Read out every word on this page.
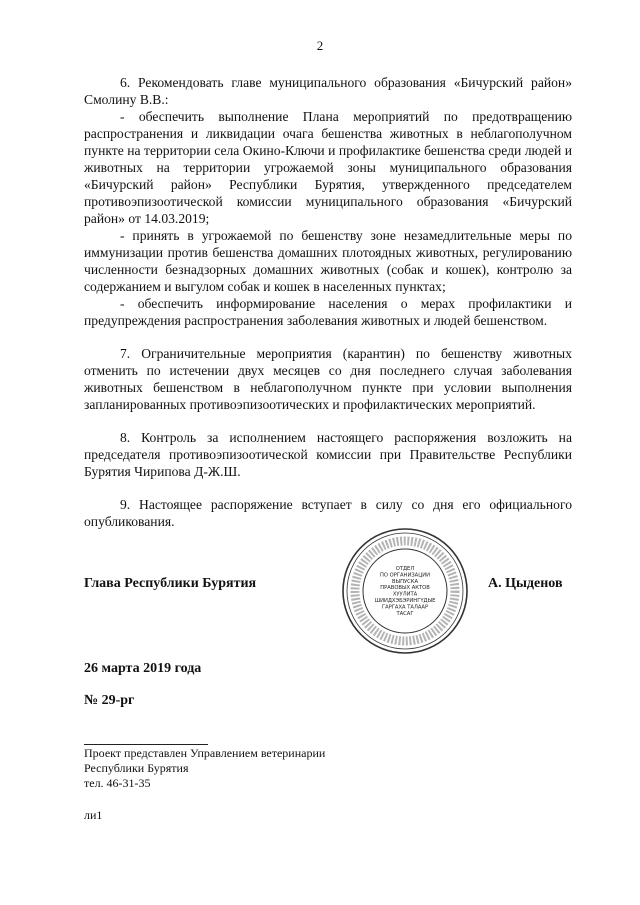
2

6. Рекомендовать главе муниципального образования «Бичурский район» Смолину В.В.:

- обеспечить выполнение Плана мероприятий по предотвращению распространения и ликвидации очага бешенства животных в неблагополучном пункте на территории села Окино-Ключи и профилактике бешенства среди людей и животных на территории угрожаемой зоны муниципального образования «Бичурский район» Республики Бурятия, утвержденного председателем противоэпизоотической комиссии муниципального образования «Бичурский район» от 14.03.2019;

- принять в угрожаемой по бешенству зоне незамедлительные меры по иммунизации против бешенства домашних плотоядных животных, регулированию численности безнадзорных домашних животных (собак и кошек), контролю за содержанием и выгулом собак и кошек в населенных пунктах;

- обеспечить информирование населения о мерах профилактики и предупреждения распространения заболевания животных и людей бешенством.

7. Ограничительные мероприятия (карантин) по бешенству животных отменить по истечении двух месяцев со дня последнего случая заболевания животных бешенством в неблагополучном пункте при условии выполнения запланированных противоэпизоотических и профилактических мероприятий.

8. Контроль за исполнением настоящего распоряжения возложить на председателя противоэпизоотической комиссии при Правительстве Республики Бурятия Чирипова Д-Ж.Ш.

9. Настоящее распоряжение вступает в силу со дня его официального опубликования.

Глава Республики Бурятия
ОТДЕЛ
ПО ОРГАНИЗАЦИИ
ВЫПУСКА
ПРАВОВЫХ АКТОВ
ХУУЛИТА
ШИИДХЭБЭРИНГҮДЫЕ
ГАРГАХА ТАЛААР
ТАСАГ
А. Цыденов
26 марта 2019 года
№ 29-рг
Проект представлен Управлением ветеринарии
Республики Бурятия
тел. 46-31-35
ли1
